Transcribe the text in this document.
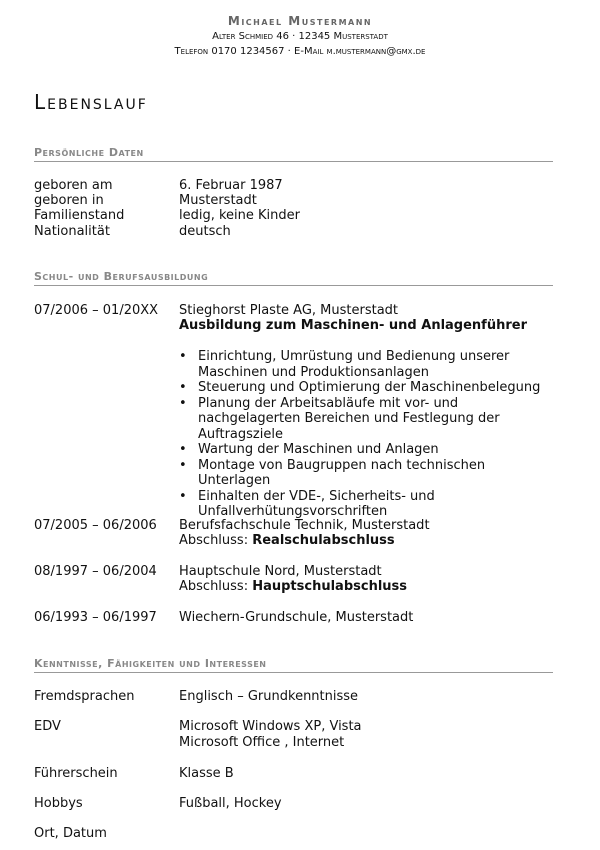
Michael Mustermann
Alter Schmied 46 · 12345 Musterstadt
Telefon 0170 1234567 · E-Mail m.mustermann@gmx.de
Lebenslauf
Persönliche Daten
geboren am	6. Februar 1987
geboren in	Musterstadt
Familienstand	ledig, keine Kinder
Nationalität	deutsch
Schul- und Berufsausbildung
07/2006 – 01/20XX	Stieghorst Plaste AG, Musterstadt
Ausbildung zum Maschinen- und Anlagenführer
• Einrichtung, Umrüstung und Bedienung unserer Maschinen und Produktionsanlagen
• Steuerung und Optimierung der Maschinenbelegung
• Planung der Arbeitsabläufe mit vor- und nachgelagerten Bereichen und Festlegung der Auftragsziele
• Wartung der Maschinen und Anlagen
• Montage von Baugruppen nach technischen Unterlagen
• Einhalten der VDE-, Sicherheits- und Unfallverhütungsvorschriften
07/2005 – 06/2006	Berufsfachschule Technik, Musterstadt
Abschluss: Realschulabschluss
08/1997 – 06/2004	Hauptschule Nord, Musterstadt
Abschluss: Hauptschulabschluss
06/1993 – 06/1997	Wiechern-Grundschule, Musterstadt
Kenntnisse, Fähigkeiten und Interessen
Fremdsprachen	Englisch – Grundkenntnisse
EDV	Microsoft Windows XP, Vista
Microsoft Office , Internet
Führerschein	Klasse B
Hobbys	Fußball, Hockey
Ort, Datum
